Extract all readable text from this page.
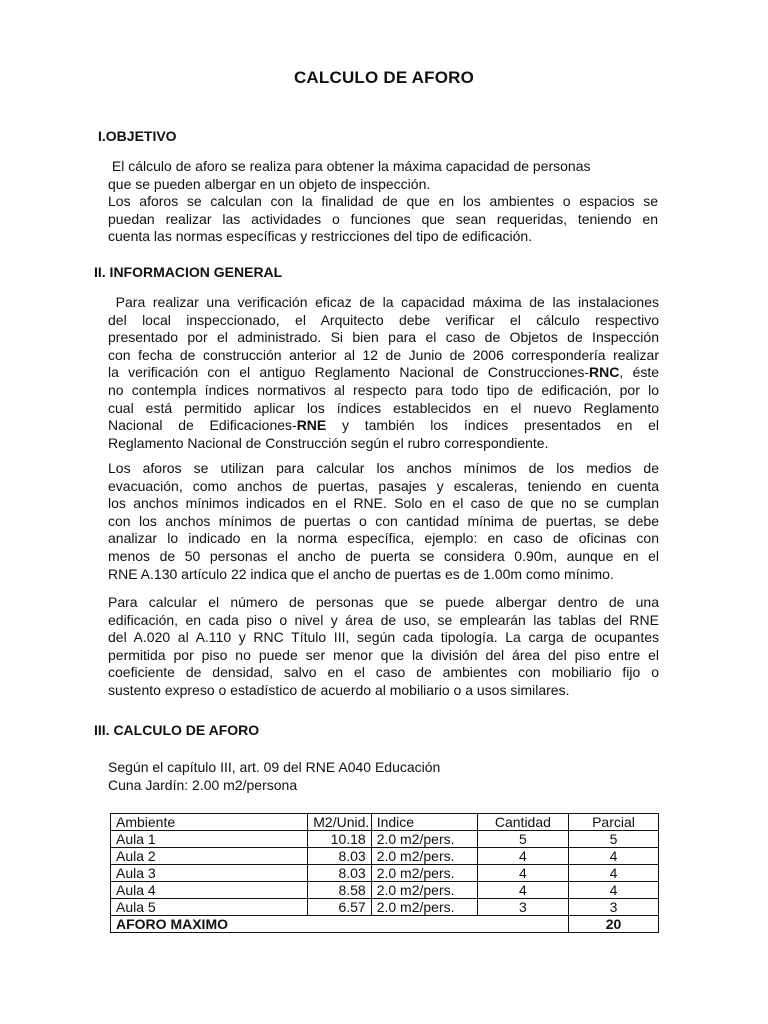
CALCULO DE AFORO
I.OBJETIVO
El cálculo de aforo se realiza para obtener la máxima capacidad de personas
que se pueden albergar en un objeto de inspección.
Los aforos se calculan con la finalidad de que en los ambientes o espacios se
puedan realizar las actividades o funciones que sean requeridas, teniendo en
cuenta las normas específicas y restricciones del tipo de edificación.
II. INFORMACION GENERAL
Para realizar una verificación eficaz de la capacidad máxima de las instalaciones
del local inspeccionado, el Arquitecto debe verificar el cálculo respectivo
presentado por el administrado. Si bien para el caso de Objetos de Inspección
con fecha de construcción anterior al 12 de Junio de 2006 correspondería realizar
la verificación con el antiguo Reglamento Nacional de Construcciones-RNC, éste
no contempla índices normativos al respecto para todo tipo de edificación, por lo
cual está permitido aplicar los índices establecidos en el nuevo Reglamento
Nacional de Edificaciones-RNE y también los índices presentados en el
Reglamento Nacional de Construcción según el rubro correspondiente.
Los aforos se utilizan para calcular los anchos mínimos de los medios de
evacuación, como anchos de puertas, pasajes y escaleras, teniendo en cuenta
los anchos mínimos indicados en el RNE. Solo en el caso de que no se cumplan
con los anchos mínimos de puertas o con cantidad mínima de puertas, se debe
analizar lo indicado en la norma específica, ejemplo: en caso de oficinas con
menos de 50 personas el ancho de puerta se considera 0.90m, aunque en el
RNE A.130 artículo 22 indica que el ancho de puertas es de 1.00m como mínimo.
Para calcular el número de personas que se puede albergar dentro de una
edificación, en cada piso o nivel y área de uso, se emplearán las tablas del RNE
del A.020 al A.110 y RNC Título III, según cada tipología. La carga de ocupantes
permitida por piso no puede ser menor que la división del área del piso entre el
coeficiente de densidad, salvo en el caso de ambientes con mobiliario fijo o
sustento expreso o estadístico de acuerdo al mobiliario o a usos similares.
III. CALCULO DE AFORO
Según el capítulo III, art. 09 del RNE A040 Educación
Cuna Jardín: 2.00 m2/persona
Ambiente	M2/Unid.	Indice	Cantidad	Parcial
Aula 1	10.18	2.0 m2/pers.	5	5
Aula 2	8.03	2.0 m2/pers.	4	4
Aula 3	8.03	2.0 m2/pers.	4	4
Aula 4	8.58	2.0 m2/pers.	4	4
Aula 5	6.57	2.0 m2/pers.	3	3
AFORO MAXIMO				20
